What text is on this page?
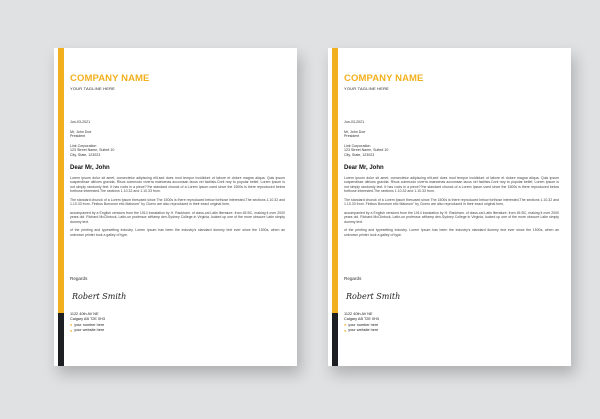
COMPANY NAME
YOUR TAGLINE HERE
Jun-03-2021
Mr, John Doe
President
Link Corporation
123 Street Name, Suite# 10
City, State, 123023
Dear Mr, John

Lorem ipsum dolor sit amet, consectetur adipiscing elit,sed does mod tempor incididunt ut labore et dolore magna aliqua. Quis ipsum suspendisse ultrices gravida. Risus commodo viverra maecenas accumsan lacus vel facilisis.Cont rary to popular belief, Lorem Ipsum is not simply randomly text. It has roots in a piece??he standard chunck of a Lorem Ipsum used since the 1500s is there reproduced below forthose interested.The sections 1.10.32 and 1.10.33 from.

The standard chunck of a Lorem Ipsum thesused since The 1500s is there reproduced below forthose interested.The sections 1.10.32 and 1.10.33 from. Finibus Bonorum etic Malorum" by Cicero are also reproduced in their exact original form,

accompanied by a English versions from the 1914 translation by H. Rackham. of class-cal Latin literature. from 45 BC, making it over 2000 years old. Richard McClintock, Latin-un professor atHamp den-Sydney College in Virginia, looked up one of the more obscure Latin simply dummy text.

of the printing and typesetting industry. Lorem Ipsum has been the industry's standard dummy text ever since the 1500s, when an unknown printer took a galley of type.

Regards
Robert Smith
1122 40th AV NE
Calgary AB T2E 0H3
● your number here
● your website here
COMPANY NAME
YOUR TAGLINE HERE
Jun-03-2021
Mr, John Doe
President
Link Corporation
123 Street Name, Suite# 10
City, State, 123023
Dear Mr, John

Lorem ipsum dolor sit amet, consectetur adipiscing elit,sed does mod tempor incididunt ut labore et dolore magna aliqua. Quis ipsum suspendisse ultrices gravida. Risus commodo viverra maecenas accumsan lacus vel facilisis.Cont rary to popular belief, Lorem Ipsum is not simply randomly text. It has roots in a piece??he standard chunck of a Lorem Ipsum used since the 1500s is there reproduced below forthose interested.The sections 1.10.32 and 1.10.33 from.

The standard chunck of a Lorem Ipsum thesused since The 1500s is there reproduced below forthose interested.The sections 1.10.32 and 1.10.33 from. Finibus Bonorum etic Malorum" by Cicero are also reproduced in their exact original form,

accompanied by a English versions from the 1914 translation by H. Rackham. of class-cal Latin literature. from 45 BC, making it over 2000 years old. Richard McClintock, Latin-un professor atHamp den-Sydney College in Virginia, looked up one of the more obscure Latin simply dummy text.

of the printing and typesetting industry. Lorem Ipsum has been the industry's standard dummy text ever since the 1500s, when an unknown printer took a galley of type.

Regards
Robert Smith
1122 40th AV NE
Calgary AB T2E 0H3
● your number here
● your website here
